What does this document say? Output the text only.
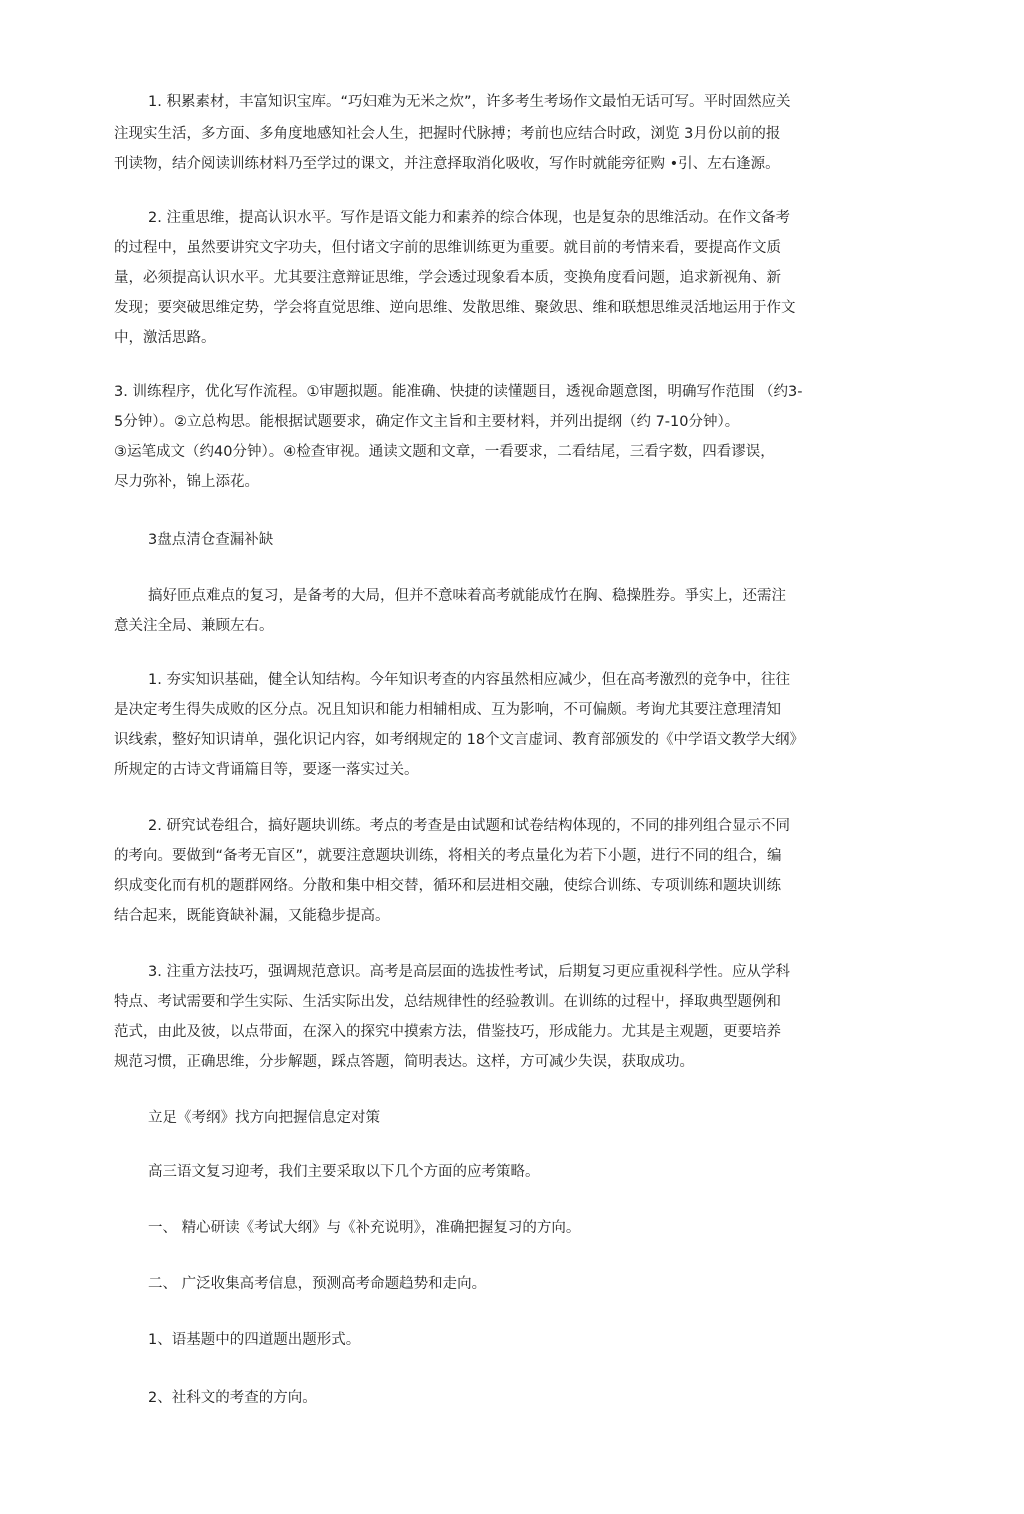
1. 积累素材，丰富知识宝库。“巧妇难为无米之炊”，许多考生考场作文最怕无话可写。平时固然应关
注现实生活，多方面、多角度地感知社会人生，把握时代脉搏；考前也应结合时政，浏览 3月份以前的报
刊读物，结介阅读训练材料乃至学过的课文，并注意择取消化吸收，写作时就能旁征购 •引、左右逢源。
2. 注重思维，提高认识水平。写作是语文能力和素养的综合体现，也是复杂的思维活动。在作文备考
的过程中，虽然要讲究文字功夫，但付诸文字前的思维训练更为重要。就目前的考情来看，要提高作文质
量，必须提高认识水平。尤其要注意辩证思维，学会透过现象看本质，变换角度看问题，追求新视角、新
发现；要突破思维定势，学会将直觉思维、逆向思维、发散思维、聚敛思、维和联想思维灵活地运用于作文
中，激活思路。
3. 训练程序，优化写作流程。①审题拟题。能准确、快捷的读懂题目，透视命题意图，明确写作范围 （约3-
5分钟）。②立总构思。能根据试题要求，确定作文主旨和主要材料，并列出提纲（约 7-10分钟）。
③运笔成文（约40分钟）。④检查审视。通读文题和文章，一看要求，二看结尾，三看字数，四看谬误，
尽力弥补，锦上添花。
3盘点清仓查漏补缺
搞好匝点难点的复习，是备考的大局，但并不意味着高考就能成竹在胸、稳操胜券。爭实上，还需注
意关注全局、兼顾左右。
1. 夯实知识基础，健全认知结构。今年知识考查的内容虽然相应减少，但在高考激烈的竞争中，往往
是决定考生得失成败的区分点。况且知识和能力相辅相成、互为影响，不可偏颇。考询尤其要注意理清知
识线索，整好知识请单，强化识记内容，如考纲规定的 18个文言虚词、教育部颁发的《中学语文教学大纲》
所规定的古诗文背诵篇目等，要逐一落实过关。
2. 研究试卷组合，搞好题块训练。考点的考查是由试题和试卷结构体现的，不同的排列组合显示不同
的考向。要做到“备考无盲区”，就要注意题块训练，将相关的考点量化为若下小题，进行不同的组合，编
织成变化而有机的题群网络。分散和集中相交替，循环和层进相交融，使综合训练、专项训练和题块训练
结合起来，既能資缺补漏，又能稳步提高。
3. 注重方法技巧，强调规范意识。高考是高层面的选拔性考试，后期复习更应重视科学性。应从学科
特点、考试需要和学生实际、生活实际出发，总结规律性的经验教训。在训练的过程屮，择取典型题例和
范式，由此及彼，以点带面，在深入的探究中摸索方法，借鉴技巧，形成能力。尤其是主观题，更要培养
规范习惯，正确思维，分步解题，踩点答题，简明表达。这样，方可减少失误，获取成功。
立足《考纲》找方向把握信息定对策
高三语文复习迎考，我们主要采取以下几个方面的应考策略。
一、 精心研读《考试大纲》与《补充说明》，准确把握复习的方向。
二、 广泛收集高考信息，预测高考命题趋势和走向。
1、语基题中的四道题出题形式。
2、社科文的考查的方向。
